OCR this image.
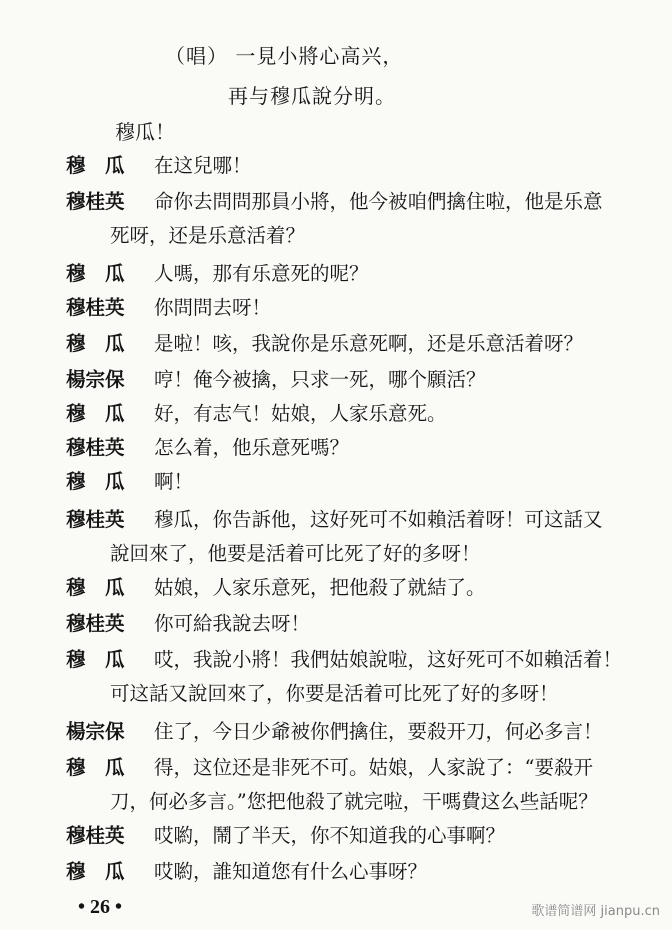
（唱） 一見小將心高兴，
再与穆瓜說分明。
穆瓜！
穆　瓜 在这兒哪！
穆桂英 命你去問問那員小將，他今被咱們擒住啦，他是乐意
死呀，还是乐意活着？
穆　瓜 人嗎，那有乐意死的呢？
穆桂英 你問問去呀！
穆　瓜 是啦！咳，我說你是乐意死啊，还是乐意活着呀？
楊宗保 哼！俺今被擒，只求一死，哪个願活？
穆　瓜 好，有志气！姑娘，人家乐意死。
穆桂英 怎么着，他乐意死嗎？
穆　瓜 啊！
穆桂英 穆瓜，你告訴他，这好死可不如賴活着呀！可这話又
說回來了，他要是活着可比死了好的多呀！
穆　瓜 姑娘，人家乐意死，把他殺了就結了。
穆桂英 你可給我說去呀！
穆　瓜 哎，我說小將！我們姑娘說啦，这好死可不如賴活着！
可这話又說回來了，你要是活着可比死了好的多呀！
楊宗保 住了，今日少爺被你們擒住，要殺开刀，何必多言！
穆　瓜 得，这位还是非死不可。姑娘，人家說了：“要殺开
刀，何必多言。”您把他殺了就完啦，干嗎費这么些話呢？
穆桂英 哎喲，鬧了半天，你不知道我的心事啊？
穆　瓜 哎喲，誰知道您有什么心事呀？
• 26 •	歌谱简谱网 jianpu.cn
